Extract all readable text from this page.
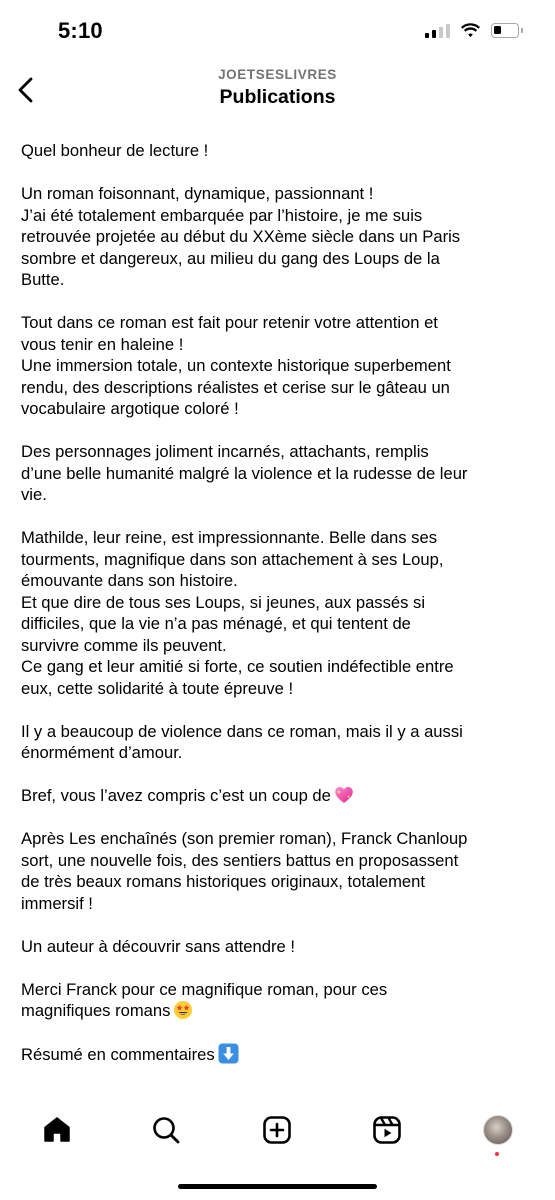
5:10
JOETSESLIVRES
Publications
Quel bonheur de lecture !
Un roman foisonnant, dynamique, passionnant !
J’ai été totalement embarquée par l’histoire, je me suis
retrouvée projetée au début du XXème siècle dans un Paris
sombre et dangereux, au milieu du gang des Loups de la
Butte.
Tout dans ce roman est fait pour retenir votre attention et
vous tenir en haleine !
Une immersion totale, un contexte historique superbement
rendu, des descriptions réalistes et cerise sur le gâteau un
vocabulaire argotique coloré !
Des personnages joliment incarnés, attachants, remplis
d’une belle humanité malgré la violence et la rudesse de leur
vie.
Mathilde, leur reine, est impressionnante. Belle dans ses
tourments, magnifique dans son attachement à ses Loup,
émouvante dans son histoire.
Et que dire de tous ses Loups, si jeunes, aux passés si
difficiles, que la vie n’a pas ménagé, et qui tentent de
survivre comme ils peuvent.
Ce gang et leur amitié si forte, ce soutien indéfectible entre
eux, cette solidarité à toute épreuve !
Il y a beaucoup de violence dans ce roman, mais il y a aussi
énormément d’amour.
Bref, vous l’avez compris c’est un coup de
Après Les enchaînés (son premier roman), Franck Chanloup
sort, une nouvelle fois, des sentiers battus en proposassent
de très beaux romans historiques originaux, totalement
immersif !
Un auteur à découvrir sans attendre !
Merci Franck pour ce magnifique roman, pour ces
magnifiques romans
Résumé en commentaires
